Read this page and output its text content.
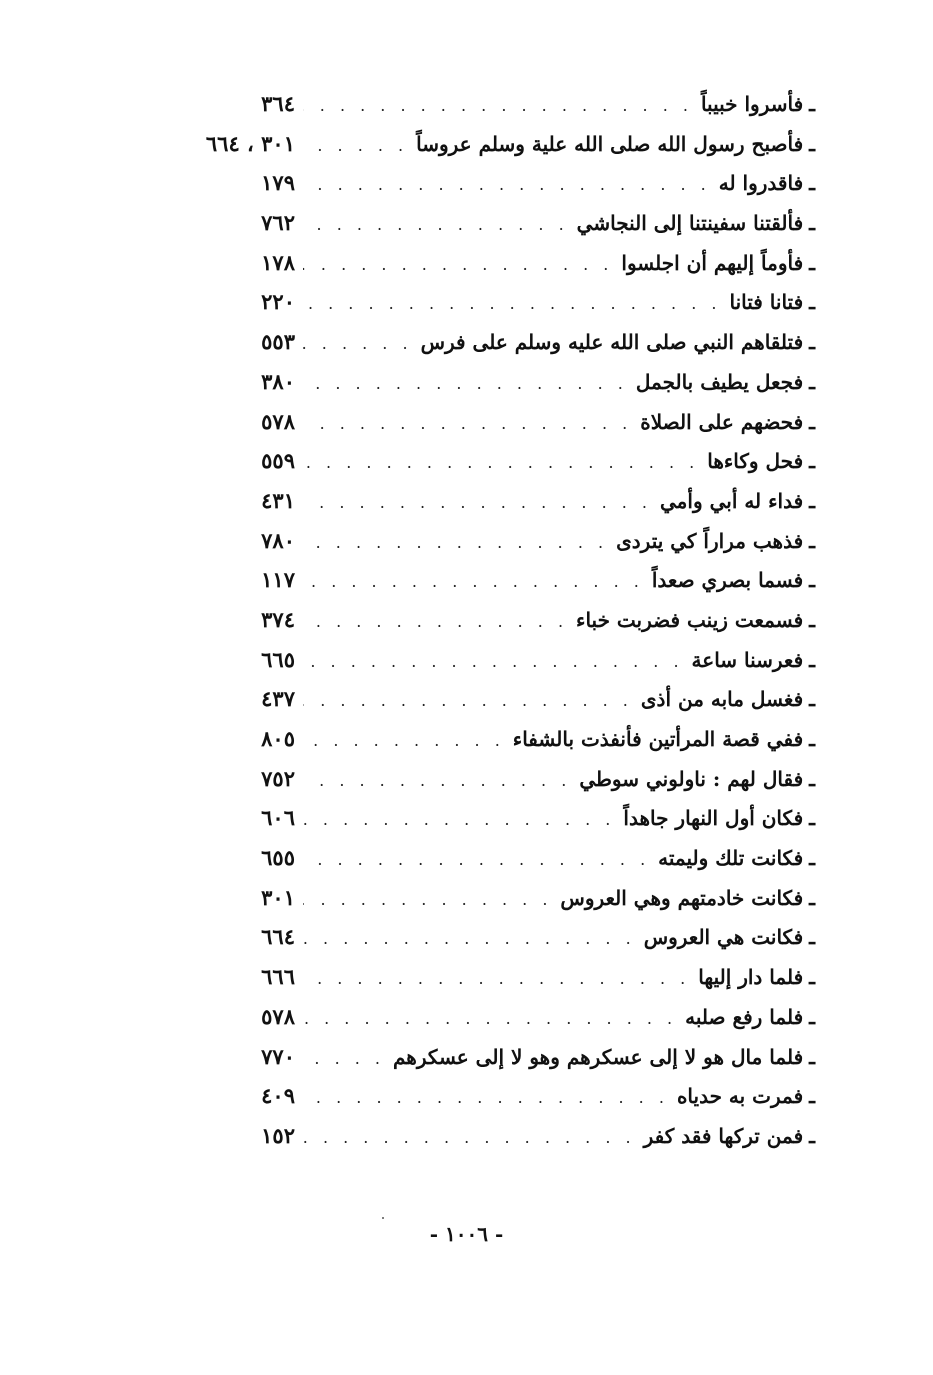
ـ
فأسروا خبيباً
. . .
٣٦٤
ـ
فأصبح رسول الله صلى الله علية وسلم عروساً
. . .
٣٠١ ، ٦٦٤
ـ
فاقدروا له
. . .
١٧٩
ـ
فألقتنا سفينتنا إلى النجاشي
. . .
٧٦٢
ـ
فأوماً إليهم أن اجلسوا
. . .
١٧٨
ـ
فتانا فتانا
. . .
٢٢٠
ـ
فتلقاهم النبي صلى الله عليه وسلم على فرس
. . .
٥٥٣
ـ
فجعل يطيف بالجمل
. . .
٣٨٠
ـ
فحضهم على الصلاة
. . .
٥٧٨
ـ
فحل وكاءها
. . .
٥٥٩
ـ
فداء له أبي وأمي
. . .
٤٣١
ـ
فذهب مراراً كي يتردى
. . .
٧٨٠
ـ
فسما بصري صعداً
. . .
١١٧
ـ
فسمعت زينب فضربت خباء
. . .
٣٧٤
ـ
فعرسنا ساعة
. . .
٦٦٥
ـ
فغسل مابه من أذى
. . .
٤٣٧
ـ
ففي قصة المرأتين فأنفذت بالشفاء
. . .
٨٠٥
ـ
فقال لهم : ناولوني سوطي
. . .
٧٥٢
ـ
فكان أول النهار جاهداً
. . .
٦٠٦
ـ
فكانت تلك وليمته
. . .
٦٥٥
ـ
فكانت خادمتهم وهي العروس
. . .
٣٠١
ـ
فكانت هي العروس
. . .
٦٦٤
ـ
فلما دار إليها
. . .
٦٦٦
ـ
فلما رفع صلبه
. . .
٥٧٨
ـ
فلما مال هو لا إلى عسكرهم وهو لا إلى عسكرهم
. . .
٧٧٠
ـ
فمرت به حدياه
. . .
٤٠٩
ـ
فمن تركها فقد كفر
. . .
١٥٢
- ١٠٠٦ -
